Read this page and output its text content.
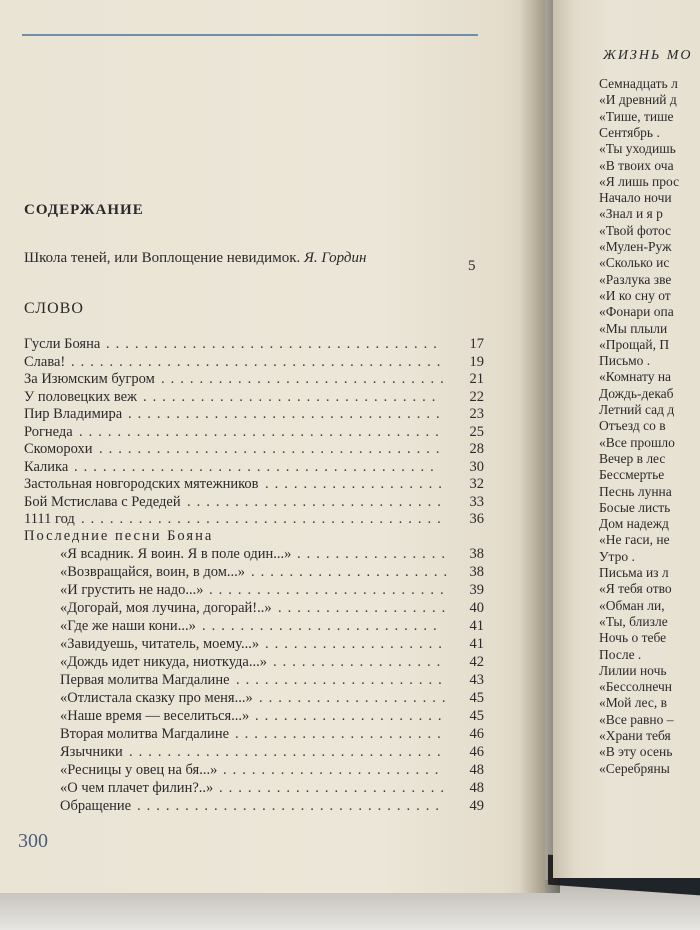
СОДЕРЖАНИЕ
Школа теней, или Воплощение невидимок. Я. Гордин	5
СЛОВО
Гусли Бояна ................................... 17
Слава! ....................................... 19
За Изюмским бугром .............................. 21
У половецких веж ............................... 22
Пир Владимира ................................. 23
Рогнеда ...................................... 25
Скоморохи .................................... 28
Калика ...................................... 30
Застольная новгородских мятежников ................... 32
Бой Мстислава с Редедей ........................... 33
1111 год ...................................... 36
Последние песни Бояна
«Я всадник. Я воин. Я в поле один...» ................ 38
«Возвращайся, воин, в дом...» ..................... 38
«И грустить не надо...» ......................... 39
«Догорай, моя лучина, догорай!..» .................. 40
«Где же наши кони...» ......................... 41
«Завидуешь, читатель, моему...» ................... 41
«Дождь идет никуда, ниоткуда...» .................. 42
Первая молитва Магдалине ...................... 43
«Отлистала сказку про меня...» .................... 45
«Наше время — веселиться...» .................... 45
Вторая молитва Магдалине ...................... 46
Язычники ................................. 46
«Ресницы у овец на бя...» ....................... 48
«О чем плачет филин?..» ........................ 48
Обращение ................................ 49
300
ЖИЗНЬ МО
Семнадцать л
«И древний д
«Тише, тише
Сентябрь .
«Ты уходишь
«В твоих оча
«Я лишь прос
Начало ночи
«Знал и я р
«Твой фотос
«Мулен-Руж
«Сколько ис
«Разлука зве
«И ко сну от
«Фонари опа
«Мы плыли
«Прощай, П
Письмо .
«Комнату на
Дождь-декаб
Летний сад д
Отъезд со в
«Все прошло
Вечер в лес
Бессмертье
Песнь лунна
Босые листь
Дом надежд
«Не гаси, не
Утро .
Письма из л
«Я тебя отво
«Обман ли,
«Ты, близле
Ночь о тебе
После .
Лилии ночь
«Бессолнечн
«Мой лес, в
«Все равно –
«Храни тебя
«В эту осень
«Серебряны
